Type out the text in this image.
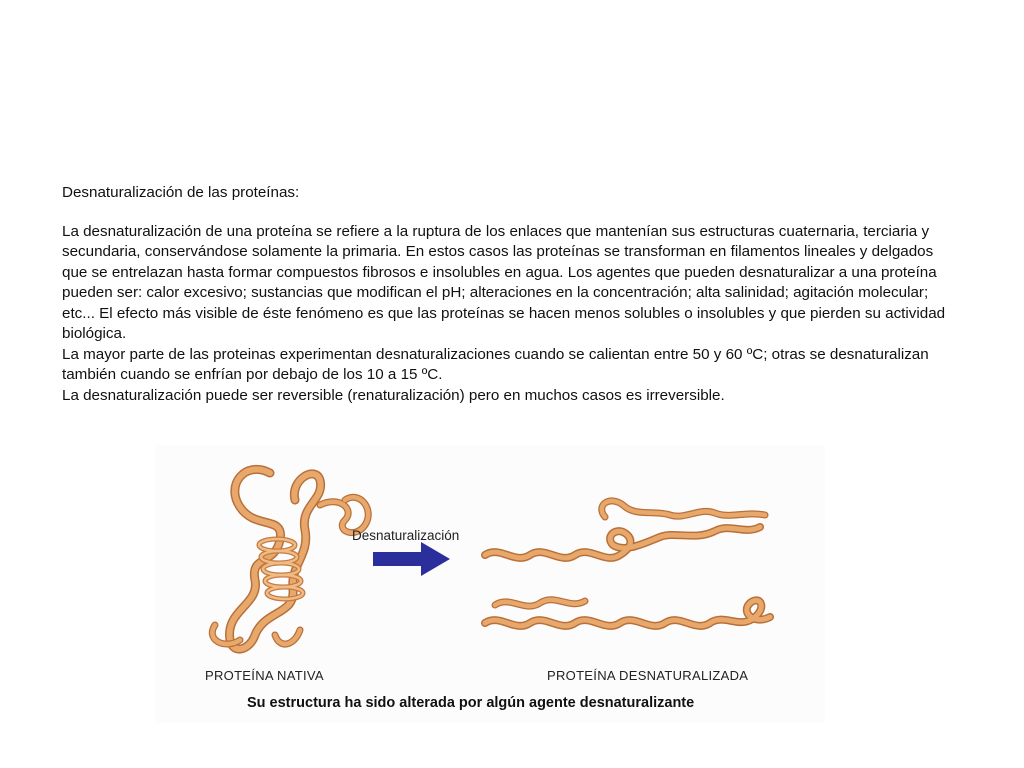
Desnaturalización de las proteínas:

La desnaturalización de una proteína se refiere a la ruptura de los enlaces que mantenían sus estructuras cuaternaria, terciaria y secundaria, conservándose solamente la primaria. En estos casos las proteínas se transforman en filamentos lineales y delgados que se entrelazan hasta formar compuestos fibrosos e insolubles en agua. Los agentes que pueden desnaturalizar a una proteína pueden ser: calor excesivo; sustancias que modifican el pH; alteraciones en la concentración; alta salinidad; agitación molecular; etc... El efecto más visible de éste fenómeno es que las proteínas se hacen menos solubles o insolubles y que pierden su actividad biológica.

La mayor parte de las proteinas experimentan desnaturalizaciones cuando se calientan entre 50 y 60 ºC; otras se desnaturalizan también cuando se enfrían por debajo de los 10 a 15 ºC.

La desnaturalización puede ser reversible (renaturalización) pero en muchos casos es irreversible.

Desnaturalización
PROTEÍNA NATIVA	PROTEÍNA DESNATURALIZADA
Su estructura ha sido alterada por algún agente desnaturalizante
